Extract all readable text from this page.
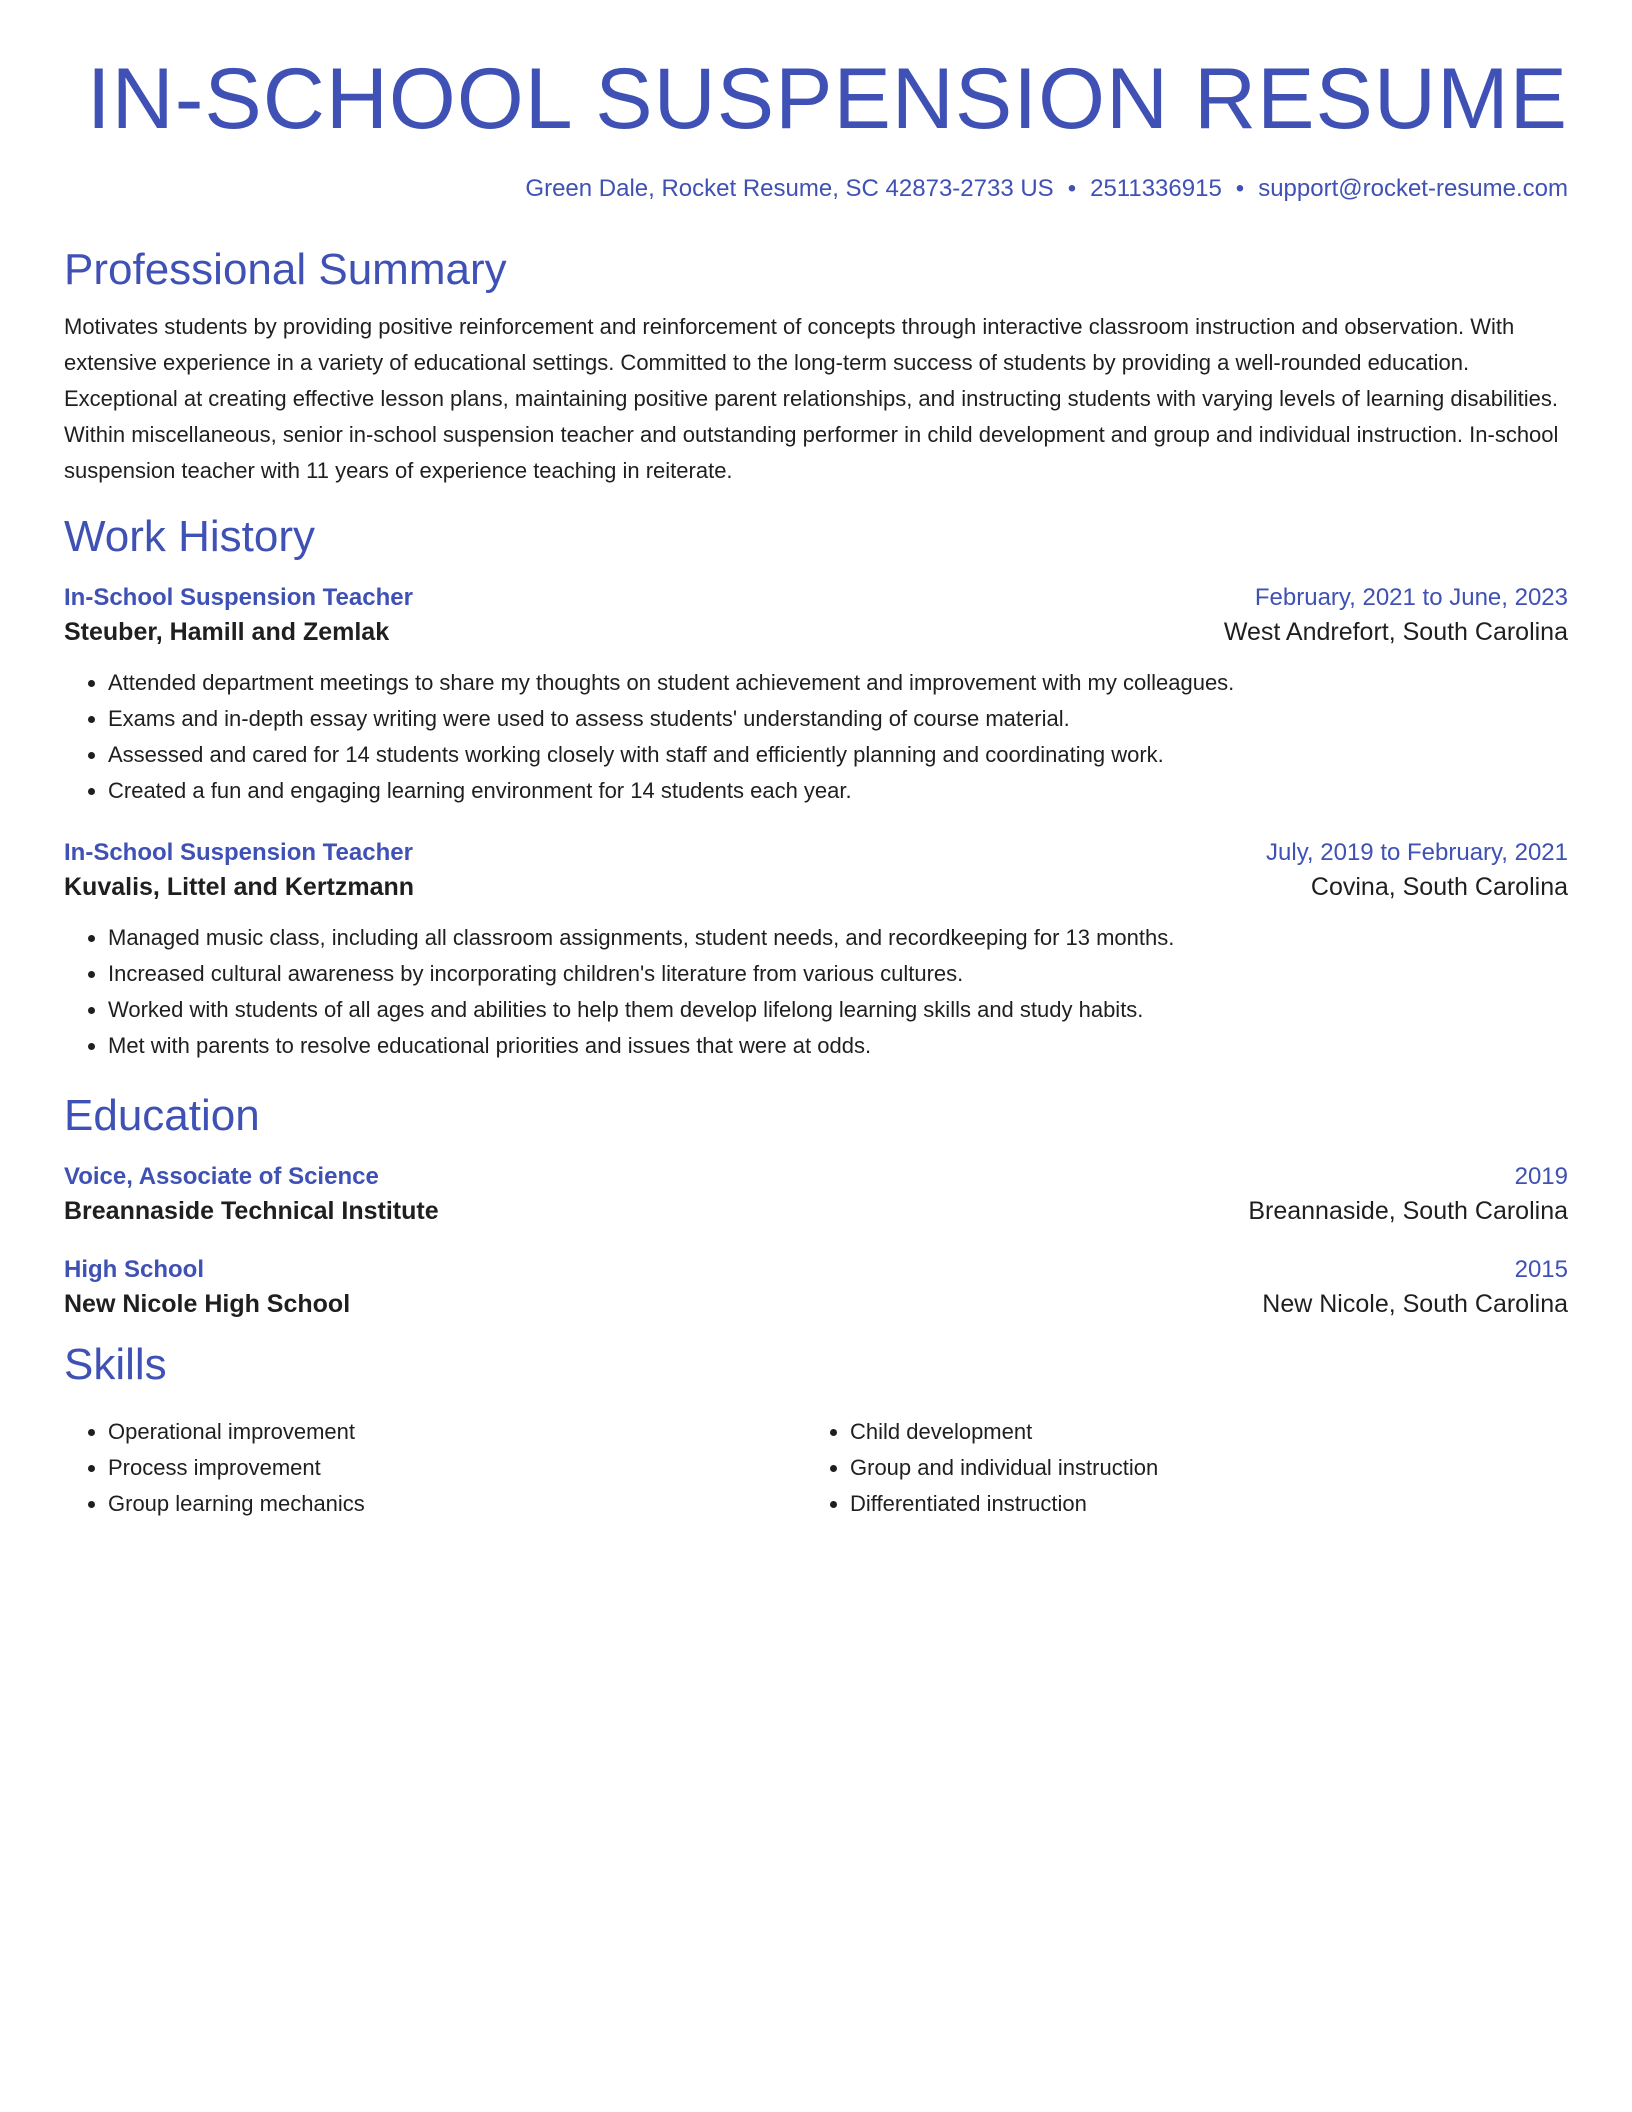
IN-SCHOOL SUSPENSION RESUME
Green Dale, Rocket Resume, SC 42873-2733 US • 2511336915 • support@rocket-resume.com
Professional Summary
Motivates students by providing positive reinforcement and reinforcement of concepts through interactive classroom instruction and observation. With extensive experience in a variety of educational settings. Committed to the long-term success of students by providing a well-rounded education. Exceptional at creating effective lesson plans, maintaining positive parent relationships, and instructing students with varying levels of learning disabilities. Within miscellaneous, senior in-school suspension teacher and outstanding performer in child development and group and individual instruction. In-school suspension teacher with 11 years of experience teaching in reiterate.
Work History
In-School Suspension Teacher	February, 2021 to June, 2023
Steuber, Hamill and Zemlak	West Andrefort, South Carolina
• Attended department meetings to share my thoughts on student achievement and improvement with my colleagues.
• Exams and in-depth essay writing were used to assess students' understanding of course material.
• Assessed and cared for 14 students working closely with staff and efficiently planning and coordinating work.
• Created a fun and engaging learning environment for 14 students each year.
In-School Suspension Teacher	July, 2019 to February, 2021
Kuvalis, Littel and Kertzmann	Covina, South Carolina
• Managed music class, including all classroom assignments, student needs, and recordkeeping for 13 months.
• Increased cultural awareness by incorporating children's literature from various cultures.
• Worked with students of all ages and abilities to help them develop lifelong learning skills and study habits.
• Met with parents to resolve educational priorities and issues that were at odds.
Education
Voice, Associate of Science	2019
Breannaside Technical Institute	Breannaside, South Carolina
High School	2015
New Nicole High School	New Nicole, South Carolina
Skills
• Operational improvement
• Process improvement
• Group learning mechanics
• Child development
• Group and individual instruction
• Differentiated instruction
